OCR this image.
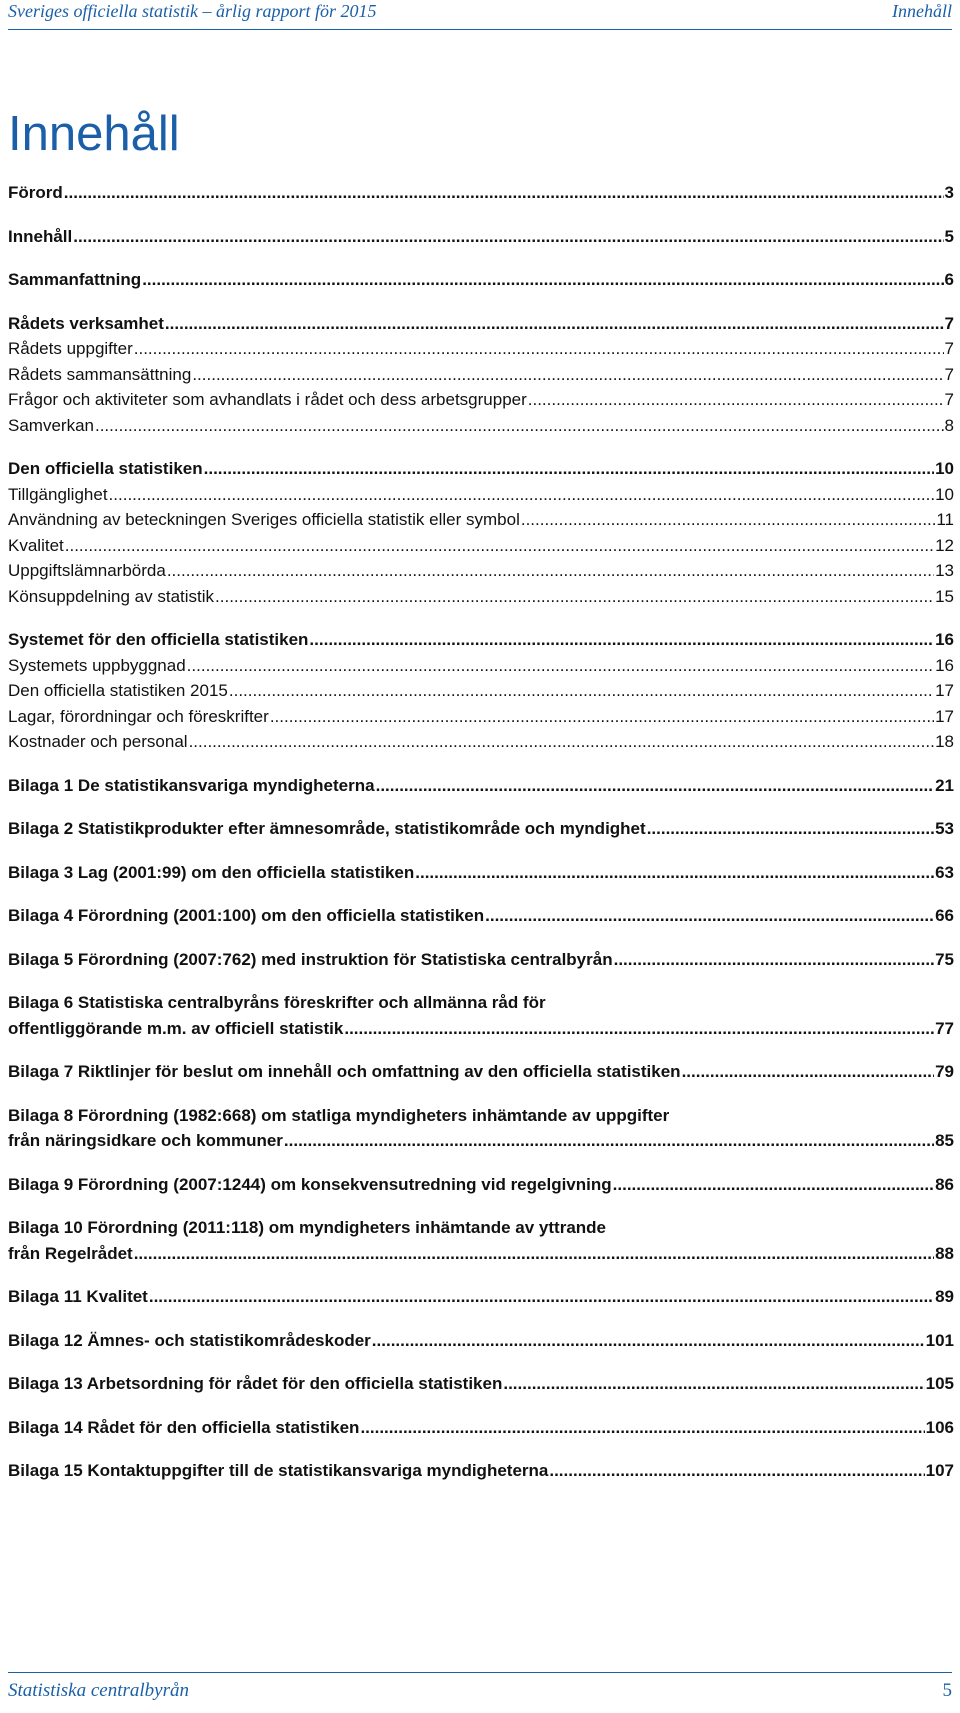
Sveriges officiella statistik – årlig rapport för 2015	Innehåll
Innehåll
Förord .....	3
Innehåll .....	5
Sammanfattning .....	6
Rådets verksamhet .....	7
Rådets uppgifter .....	7
Rådets sammansättning .....	7
Frågor och aktiviteter som avhandlats i rådet och dess arbetsgrupper .....	7
Samverkan .....	8
Den officiella statistiken .....	10
Tillgänglighet .....	10
Användning av beteckningen Sveriges officiella statistik eller symbol .....	11
Kvalitet .....	12
Uppgiftslämnarbörda .....	13
Könsuppdelning av statistik .....	15
Systemet för den officiella statistiken .....	16
Systemets uppbyggnad .....	16
Den officiella statistiken 2015 .....	17
Lagar, förordningar och föreskrifter .....	17
Kostnader och personal .....	18
Bilaga 1 De statistikansvariga myndigheterna .....	21
Bilaga 2 Statistikprodukter efter ämnesområde, statistikområde och myndighet .....	53
Bilaga 3 Lag (2001:99) om den officiella statistiken .....	63
Bilaga 4 Förordning (2001:100) om den officiella statistiken .....	66
Bilaga 5 Förordning (2007:762) med instruktion för Statistiska centralbyrån .....	75
Bilaga 6 Statistiska centralbyråns föreskrifter och allmänna råd för
offentliggörande m.m. av officiell statistik .....	77
Bilaga 7 Riktlinjer för beslut om innehåll och omfattning av den officiella statistiken .....	79
Bilaga 8 Förordning (1982:668) om statliga myndigheters inhämtande av uppgifter
från näringsidkare och kommuner .....	85
Bilaga 9 Förordning (2007:1244) om konsekvensutredning vid regelgivning .....	86
Bilaga 10 Förordning (2011:118) om myndigheters inhämtande av yttrande
från Regelrådet .....	88
Bilaga 11 Kvalitet .....	89
Bilaga 12 Ämnes- och statistikområdeskoder .....	101
Bilaga 13 Arbetsordning för rådet för den officiella statistiken .....	105
Bilaga 14 Rådet för den officiella statistiken .....	106
Bilaga 15 Kontaktuppgifter till de statistikansvariga myndigheterna .....	107
Statistiska centralbyrån	5
